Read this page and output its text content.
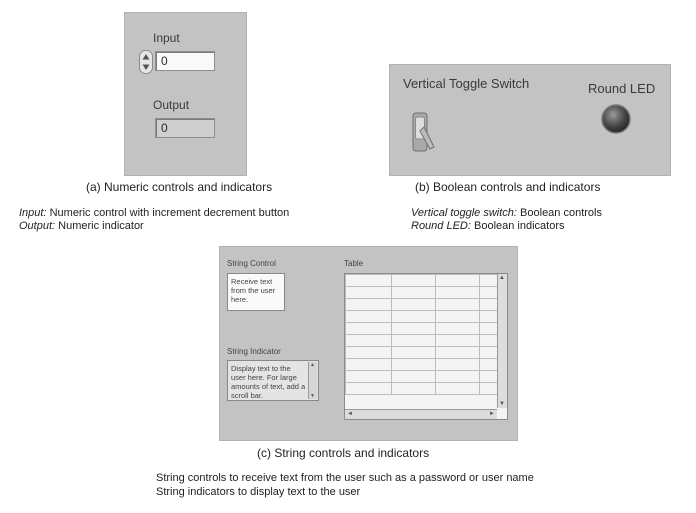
Input
0
Output
0
(a) Numeric controls and indicators
Input: Numeric control with increment decrement button
Output: Numeric indicator
Vertical Toggle Switch	Round LED
(b) Boolean controls and indicators
Vertical toggle switch: Boolean controls
Round LED: Boolean indicators
String Control
Receive text from the user here.
String Indicator
Display text to the user here. For large amounts of text, add a scroll bar.
▲
▼
Table

▲
▼
◄	►
(c) String controls and indicators
String controls to receive text from the user such as a password or user name
String indicators to display text to the user
